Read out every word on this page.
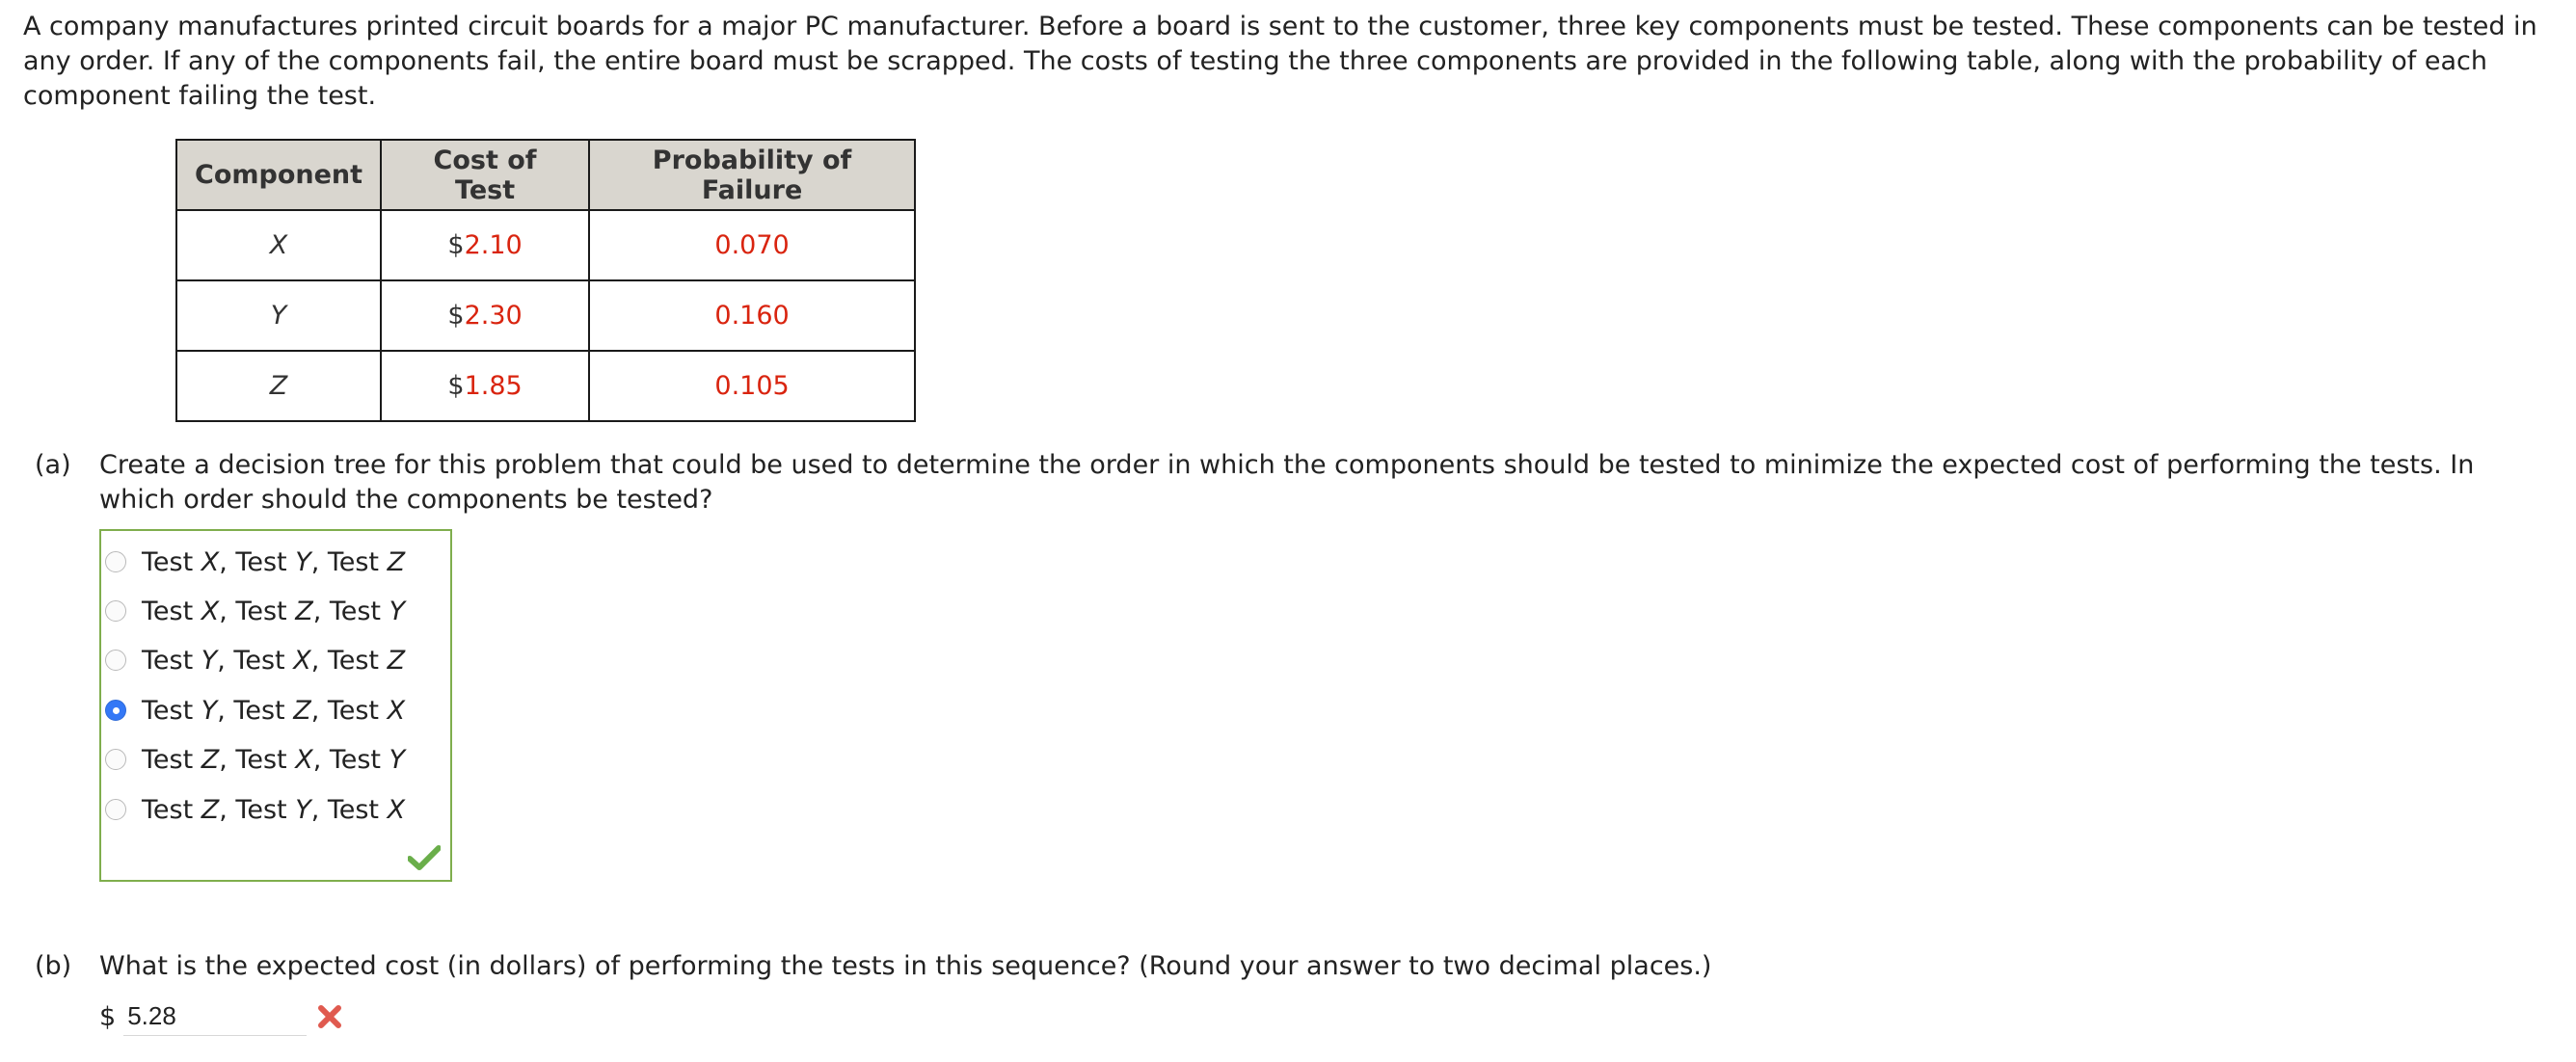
A company manufactures printed circuit boards for a major PC manufacturer. Before a board is sent to the customer, three key components must be tested. These components can be tested in any order. If any of the components fail, the entire board must be scrapped. The costs of testing the three components are provided in the following table, along with the probability of each component failing the test.

Component	Cost of Test	Probability of Failure
X	$2.10	0.070
Y	$2.30	0.160
Z	$1.85	0.105
(a) Create a decision tree for this problem that could be used to determine the order in which the components should be tested to minimize the expected cost of performing the tests. In which order should the components be tested?
Test X, Test Y, Test Z
Test X, Test Z, Test Y
Test Y, Test X, Test Z
Test Y, Test Z, Test X
Test Z, Test X, Test Y
Test Z, Test Y, Test X
(b) What is the expected cost (in dollars) of performing the tests in this sequence? (Round your answer to two decimal places.)
$
5.28
